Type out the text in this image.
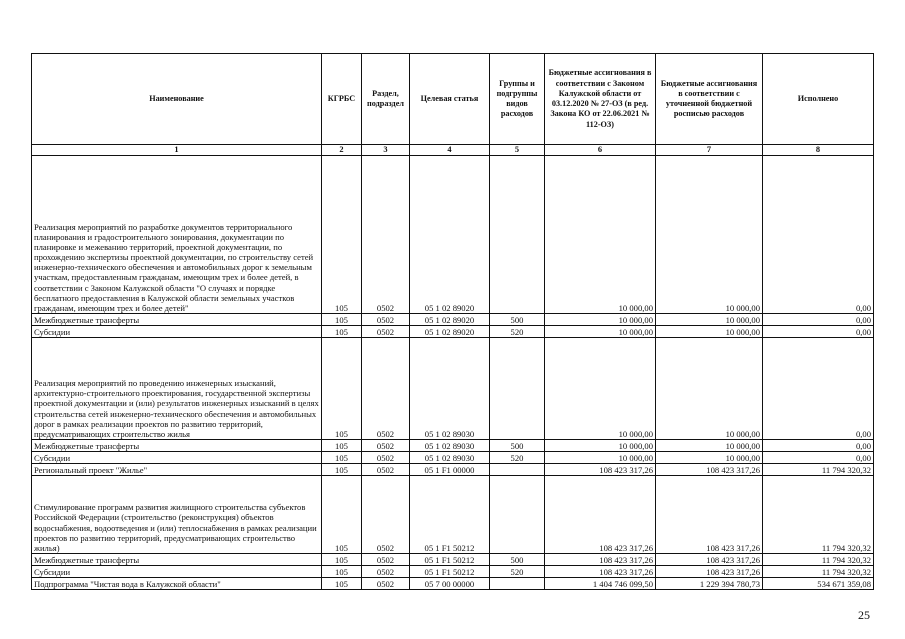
Наименование	КГРБС	Раздел, подраздел	Целевая статья	Группы и подгруппы видов расходов	Бюджетные ассигнования в соответствии с Законом Калужской области от 03.12.2020 № 27-ОЗ (в ред. Закона КО от 22.06.2021 № 112-ОЗ)	Бюджетные ассигнования в соответствии с уточненной бюджетной росписью расходов	Исполнено
1	2	3	4	5	6	7	8
Реализация мероприятий по разработке документов территориального планирования и градостроительного зонирования, документации по планировке и межеванию территорий, проектной документации, по прохождению экспертизы проектной документации, по строительству сетей инженерно-технического обеспечения и автомобильных дорог к земельным участкам, предоставленным гражданам, имеющим трех и более детей, в соответствии с Законом Калужской области "О случаях и порядке бесплатного предоставления в Калужской области земельных участков гражданам, имеющим трех и более детей"	105	0502	05 1 02 89020		10 000,00	10 000,00	0,00
Межбюджетные трансферты	105	0502	05 1 02 89020	500	10 000,00	10 000,00	0,00
Субсидии	105	0502	05 1 02 89020	520	10 000,00	10 000,00	0,00
Реализация мероприятий по проведению инженерных изысканий, архитектурно-строительного проектирования, государственной экспертизы проектной документации и (или) результатов инженерных изысканий в целях строительства сетей инженерно-технического обеспечения и автомобильных дорог в рамках реализации проектов по развитию территорий, предусматривающих строительство жилья	105	0502	05 1 02 89030		10 000,00	10 000,00	0,00
Межбюджетные трансферты	105	0502	05 1 02 89030	500	10 000,00	10 000,00	0,00
Субсидии	105	0502	05 1 02 89030	520	10 000,00	10 000,00	0,00
Региональный проект "Жилье"	105	0502	05 1 F1 00000		108 423 317,26	108 423 317,26	11 794 320,32
Стимулирование программ развития жилищного строительства субъектов Российской Федерации (строительство (реконструкция) объектов водоснабжения, водоотведения и (или) теплоснабжения в рамках реализации проектов по развитию территорий, предусматривающих строительство жилья)	105	0502	05 1 F1 50212		108 423 317,26	108 423 317,26	11 794 320,32
Межбюджетные трансферты	105	0502	05 1 F1 50212	500	108 423 317,26	108 423 317,26	11 794 320,32
Субсидии	105	0502	05 1 F1 50212	520	108 423 317,26	108 423 317,26	11 794 320,32
Подпрограмма "Чистая вода в Калужской области"	105	0502	05 7 00 00000		1 404 746 099,50	1 229 394 780,73	534 671 359,08
25
